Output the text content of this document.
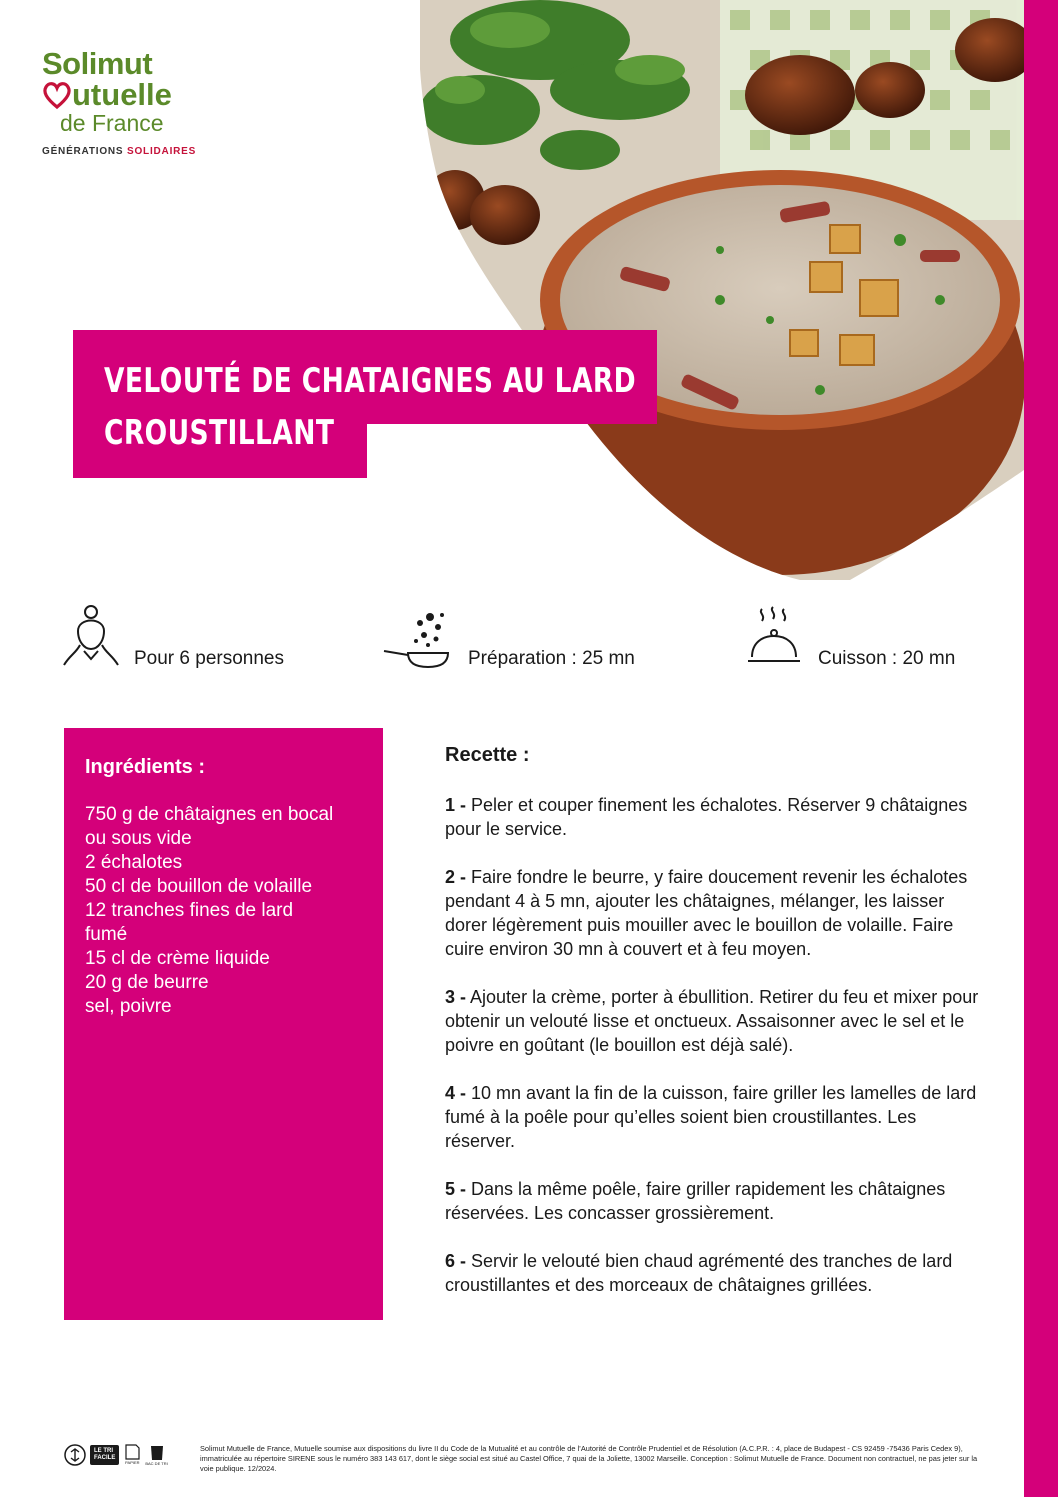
Solimut
utuelle
de France
GÉNÉRATIONS SOLIDAIRES
VELOUTÉ DE CHATAIGNES AU LARD
CROUSTILLANT
Pour 6 personnes	Préparation : 25 mn	Cuisson : 20 mn
Ingrédients :
750 g de châtaignes en bocal
ou sous vide
2 échalotes
50 cl de bouillon de volaille
12 tranches fines de lard
fumé
15 cl de crème liquide
20 g de beurre
sel, poivre
Recette :
1 - Peler et couper finement les échalotes. Réserver 9 châtaignes pour le service.
2 - Faire fondre le beurre, y faire doucement revenir les échalotes pendant 4 à 5 mn, ajouter les châtaignes, mélanger, les laisser dorer légèrement puis mouiller avec le bouillon de volaille. Faire cuire environ 30 mn à couvert et à feu moyen.
3 - Ajouter la crème, porter à ébullition. Retirer du feu et mixer pour obtenir un velouté lisse et onctueux. Assaisonner avec le sel et le poivre en goûtant (le bouillon est déjà salé).
4 - 10 mn avant la fin de la cuisson, faire griller les lamelles de lard fumé à la poêle pour qu’elles soient bien croustillantes. Les réserver.
5 - Dans la même poêle, faire griller rapidement les châtaignes réservées. Les concasser grossièrement.
6 - Servir le velouté bien chaud agrémenté des tranches de lard croustillantes et des morceaux de châtaignes grillées.
LE TRI
FACILE
PAPIER BAC DE TRI
Solimut Mutuelle de France, Mutuelle soumise aux dispositions du livre II du Code de la Mutualité et au contrôle de l’Autorité de Contrôle Prudentiel et de Résolution (A.C.P.R. : 4, place de Budapest - CS 92459 -75436 Paris Cedex 9), immatriculée au répertoire SIRENE sous le numéro 383 143 617, dont le siège social est situé au Castel Office, 7 quai de la Joliette, 13002 Marseille. Conception : Solimut Mutuelle de France. Document non contractuel, ne pas jeter sur la voie publique. 12/2024.
